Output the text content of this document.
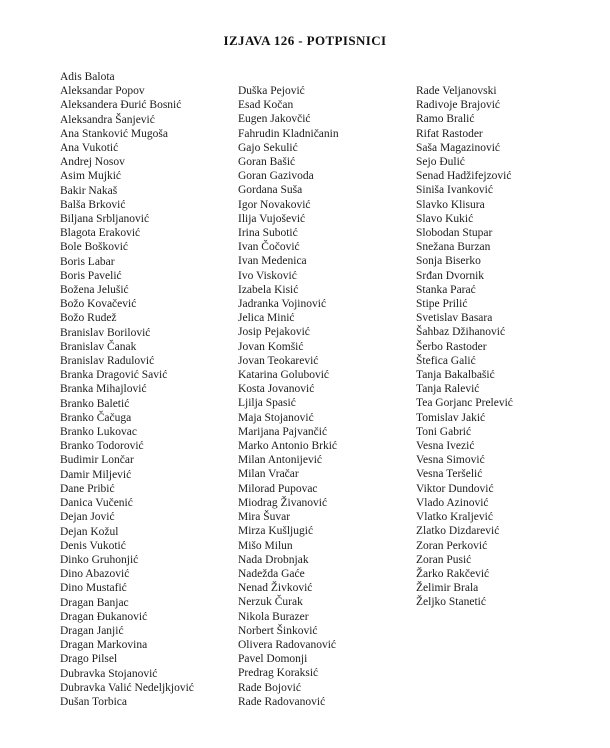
IZJAVA 126 - POTPISNICI
Adis Balota
Aleksandar Popov
Aleksandera Đurić Bosnić
Aleksandra Šanjević
Ana Stanković Mugoša
Ana Vukotić
Andrej Nosov
Asim Mujkić
Bakir Nakaš
Balša Brković
Biljana Srbljanović
Blagota Eraković
Bole Bošković
Boris Labar
Boris Pavelić
Božena Jelušić
Božo Kovačević
Božo Rudež
Branislav Borilović
Branislav Čanak
Branislav Radulović
Branka Dragović Savić
Branka Mihajlović
Branko Baletić
Branko Čačuga
Branko Lukovac
Branko Todorović
Budimir Lončar
Damir Miljević
Dane Pribić
Danica Vučenić
Dejan Jović
Dejan Kožul
Denis Vukotić
Dinko Gruhonjić
Dino Abazović
Dino Mustafić
Dragan Banjac
Dragan Đukanović
Dragan Janjić
Dragan Markovina
Drago Pilsel
Dubravka Stojanović
Dubravka Valić Nedeljkjović
Dušan Torbica
Duška Pejović
Esad Kočan
Eugen Jakovčić
Fahrudin Kladničanin
Gajo Sekulić
Goran Bašić
Goran Gazivoda
Gordana Suša
Igor Novaković
Ilija Vujošević
Irina Subotić
Ivan Čočović
Ivan Medenica
Ivo Visković
Izabela Kisić
Jadranka Vojinović
Jelica Minić
Josip Pejaković
Jovan Komšić
Jovan Teokarević
Katarina Golubović
Kosta Jovanović
Ljilja Spasić
Maja Stojanović
Marijana Pajvančić
Marko Antonio Brkić
Milan Antonijević
Milan Vračar
Milorad Pupovac
Miodrag Živanović
Mira Šuvar
Mirza Kušljugić
Mišo Milun
Nada Drobnjak
Nadežda Gaće
Nenad Živković
Nerzuk Čurak
Nikola Burazer
Norbert Šinković
Olivera Radovanović
Pavel Domonji
Predrag Koraksić
Rade Bojović
Rade Radovanović
Rade Veljanovski
Radivoje Brajović
Ramo Bralić
Rifat Rastoder
Saša Magazinović
Sejo Đulić
Senad Hadžifejzović
Siniša Ivanković
Slavko Klisura
Slavo Kukić
Slobodan Stupar
Snežana Burzan
Sonja Biserko
Srđan Dvornik
Stanka Parać
Stipe Prilić
Svetislav Basara
Šahbaz Džihanović
Šerbo Rastoder
Štefica Galić
Tanja Bakalbašić
Tanja Ralević
Tea Gorjanc Prelević
Tomislav Jakić
Toni Gabrić
Vesna Ivezić
Vesna Simović
Vesna Teršelić
Viktor Dundović
Vlado Azinović
Vlatko Kraljević
Zlatko Dizdarević
Zoran Perković
Zoran Pusić
Žarko Rakčević
Želimir Brala
Željko Stanetić
